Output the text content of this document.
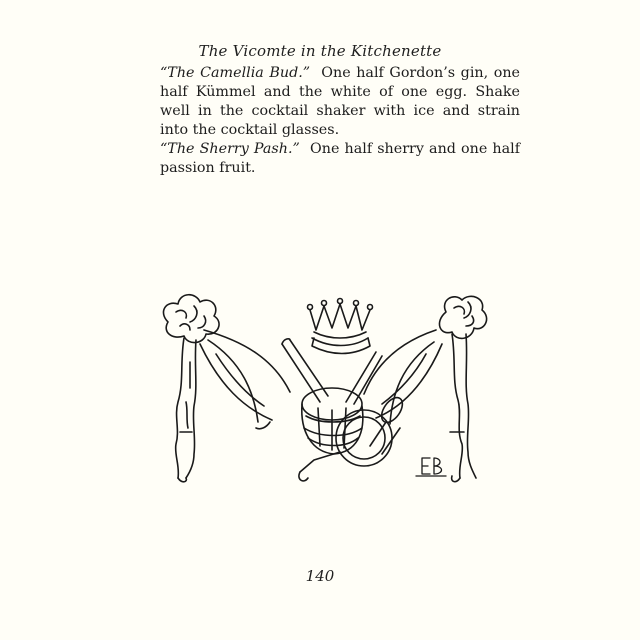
The Vicomte in the Kitchenette

“The Camellia Bud.” One half Gordon’s gin, one half Kümmel and the white of one egg. Shake well in the cocktail shaker with ice and strain into the cocktail glasses.

“The Sherry Pash.” One half sherry and one half passion fruit.

140
